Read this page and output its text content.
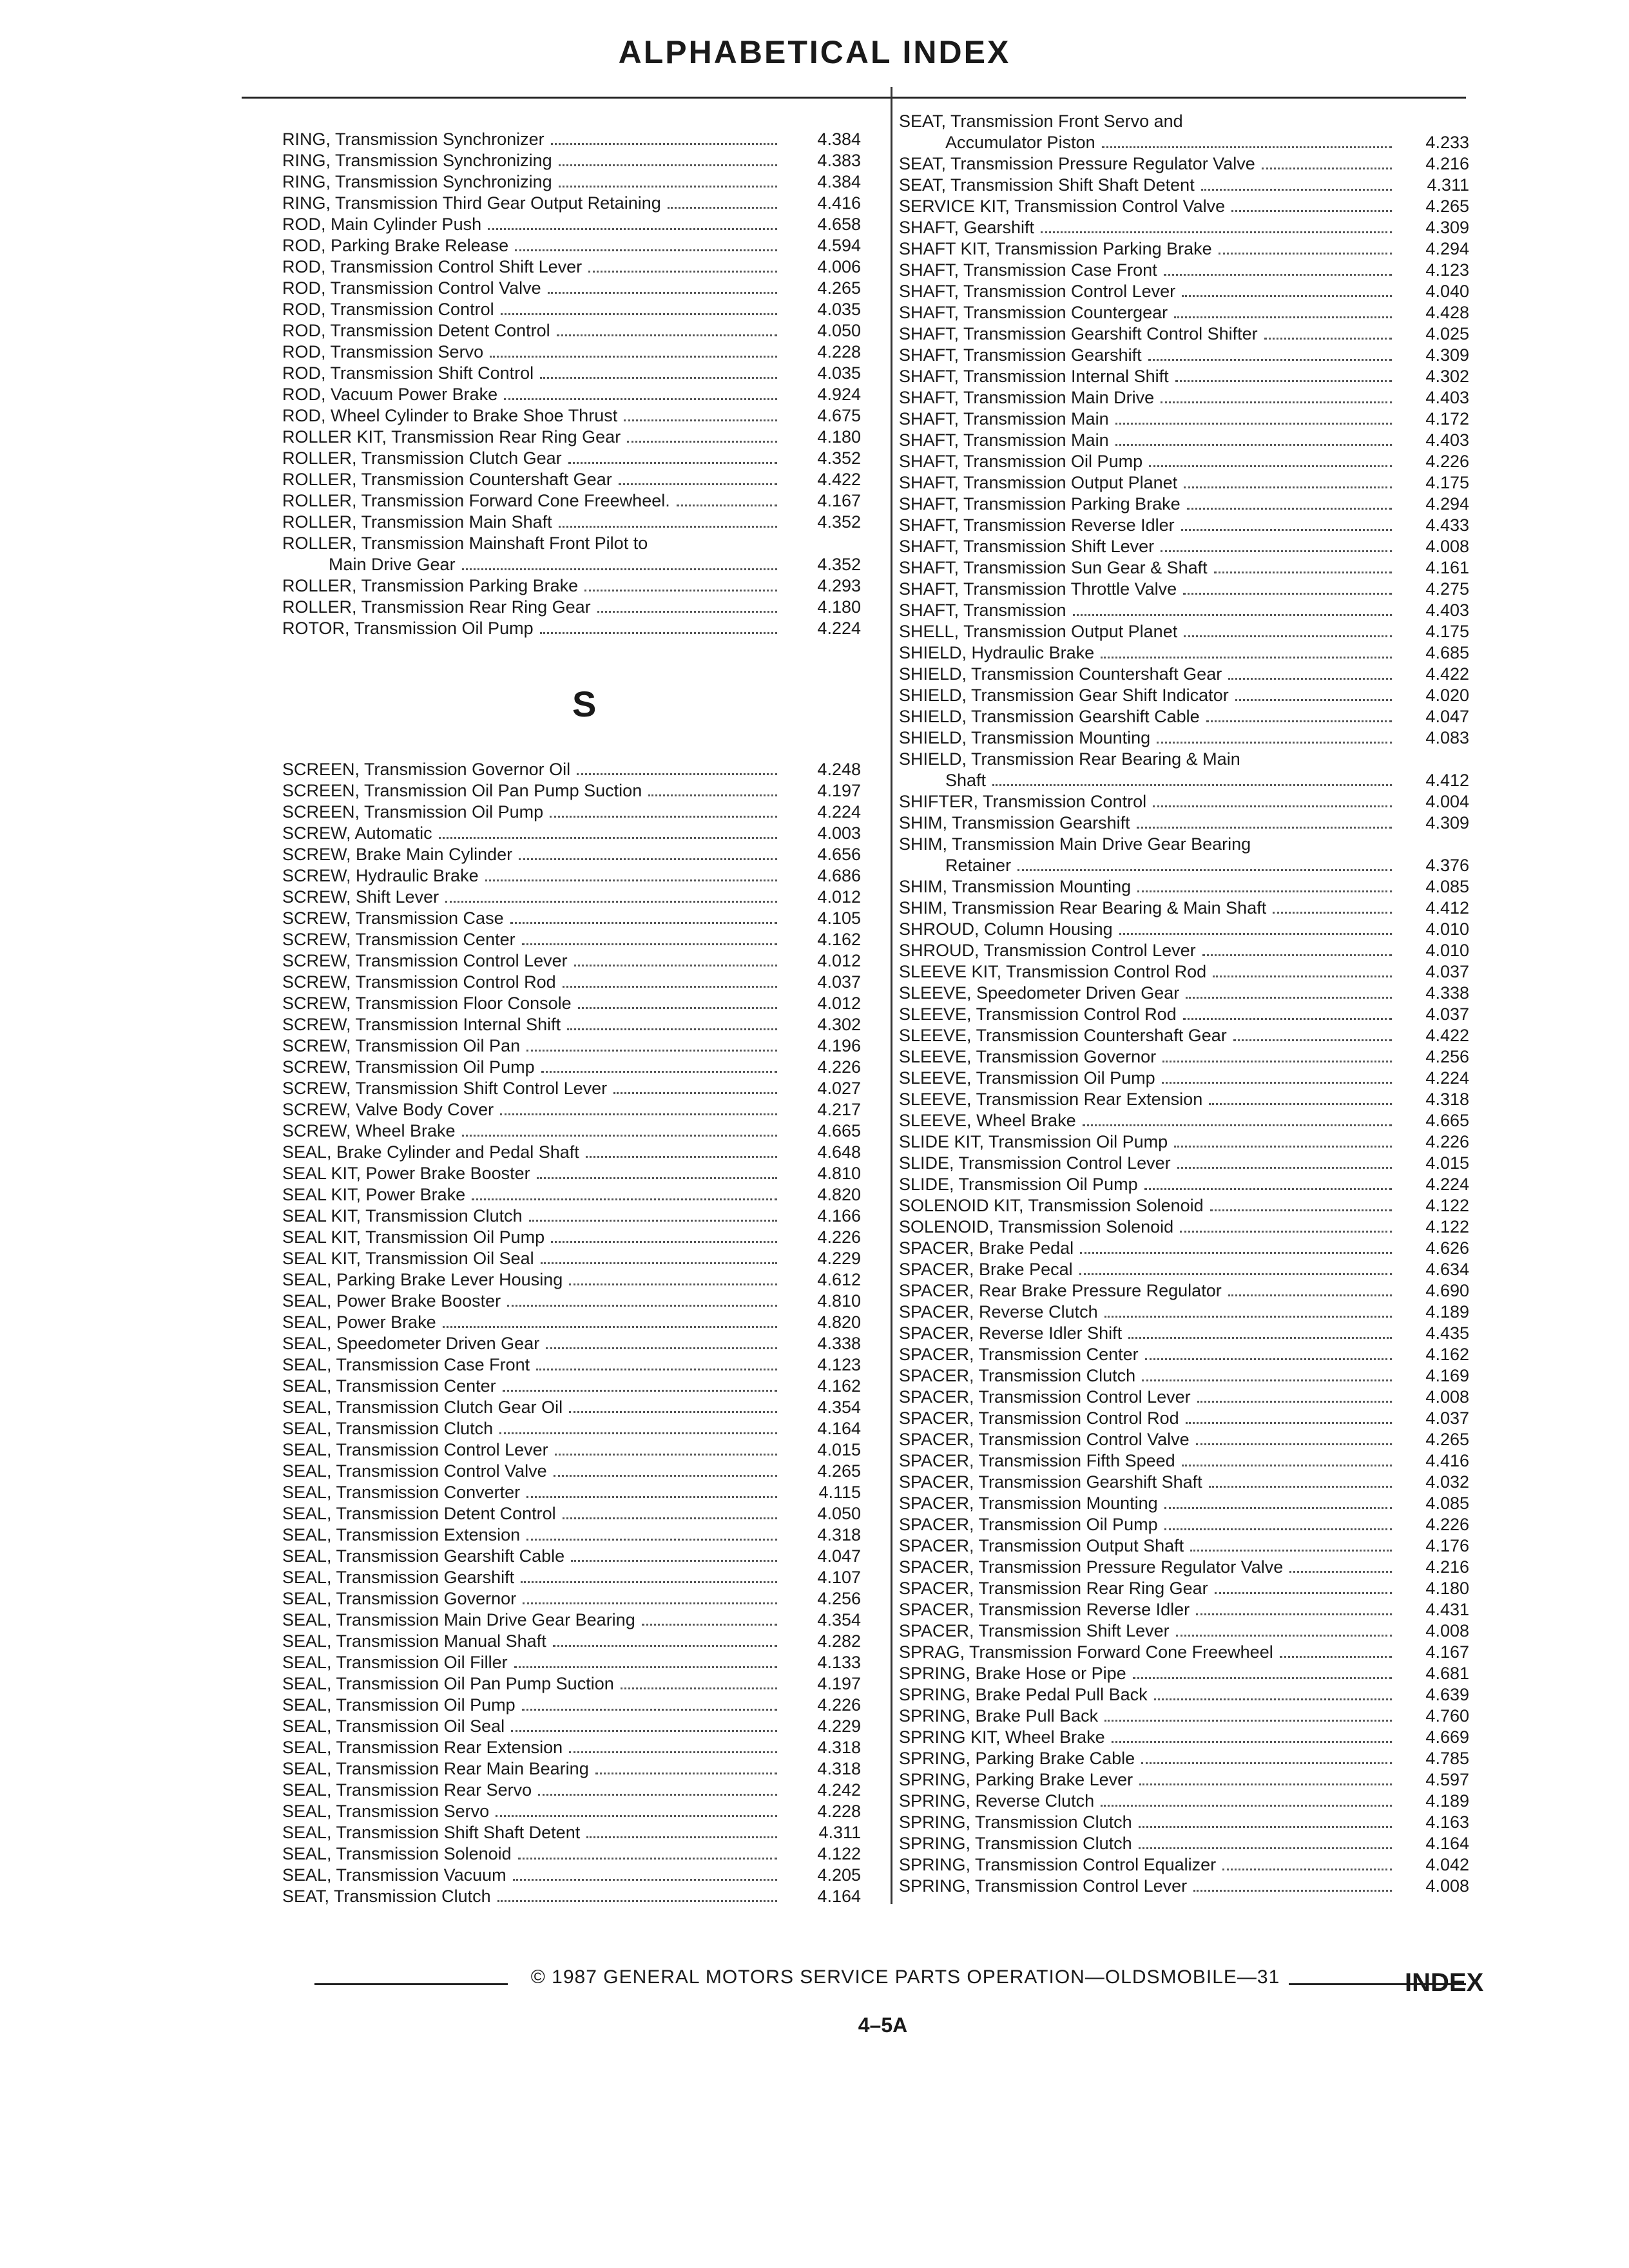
ALPHABETICAL INDEX
RING, Transmission Synchronizer	4.384
RING, Transmission Synchronizing	4.383
RING, Transmission Synchronizing	4.384
RING, Transmission Third Gear Output Retaining	4.416
ROD, Main Cylinder Push	4.658
ROD, Parking Brake Release	4.594
ROD, Transmission Control Shift Lever	4.006
ROD, Transmission Control Valve	4.265
ROD, Transmission Control	4.035
ROD, Transmission Detent Control	4.050
ROD, Transmission Servo	4.228
ROD, Transmission Shift Control	4.035
ROD, Vacuum Power Brake	4.924
ROD, Wheel Cylinder to Brake Shoe Thrust	4.675
ROLLER KIT, Transmission Rear Ring Gear	4.180
ROLLER, Transmission Clutch Gear	4.352
ROLLER, Transmission Countershaft Gear	4.422
ROLLER, Transmission Forward Cone Freewheel.	4.167
ROLLER, Transmission Main Shaft	4.352
ROLLER, Transmission Mainshaft Front Pilot to
Main Drive Gear	4.352
ROLLER, Transmission Parking Brake	4.293
ROLLER, Transmission Rear Ring Gear	4.180
ROTOR, Transmission Oil Pump	4.224
S
SCREEN, Transmission Governor Oil	4.248
SCREEN, Transmission Oil Pan Pump Suction	4.197
SCREEN, Transmission Oil Pump	4.224
SCREW, Automatic	4.003
SCREW, Brake Main Cylinder	4.656
SCREW, Hydraulic Brake	4.686
SCREW, Shift Lever	4.012
SCREW, Transmission Case	4.105
SCREW, Transmission Center	4.162
SCREW, Transmission Control Lever	4.012
SCREW, Transmission Control Rod	4.037
SCREW, Transmission Floor Console	4.012
SCREW, Transmission Internal Shift	4.302
SCREW, Transmission Oil Pan	4.196
SCREW, Transmission Oil Pump	4.226
SCREW, Transmission Shift Control Lever	4.027
SCREW, Valve Body Cover	4.217
SCREW, Wheel Brake	4.665
SEAL, Brake Cylinder and Pedal Shaft	4.648
SEAL KIT, Power Brake Booster	4.810
SEAL KIT, Power Brake	4.820
SEAL KIT, Transmission Clutch	4.166
SEAL KIT, Transmission Oil Pump	4.226
SEAL KIT, Transmission Oil Seal	4.229
SEAL, Parking Brake Lever Housing	4.612
SEAL, Power Brake Booster	4.810
SEAL, Power Brake	4.820
SEAL, Speedometer Driven Gear	4.338
SEAL, Transmission Case Front	4.123
SEAL, Transmission Center	4.162
SEAL, Transmission Clutch Gear Oil	4.354
SEAL, Transmission Clutch	4.164
SEAL, Transmission Control Lever	4.015
SEAL, Transmission Control Valve	4.265
SEAL, Transmission Converter	4.115
SEAL, Transmission Detent Control	4.050
SEAL, Transmission Extension	4.318
SEAL, Transmission Gearshift Cable	4.047
SEAL, Transmission Gearshift	4.107
SEAL, Transmission Governor	4.256
SEAL, Transmission Main Drive Gear Bearing	4.354
SEAL, Transmission Manual Shaft	4.282
SEAL, Transmission Oil Filler	4.133
SEAL, Transmission Oil Pan Pump Suction	4.197
SEAL, Transmission Oil Pump	4.226
SEAL, Transmission Oil Seal	4.229
SEAL, Transmission Rear Extension	4.318
SEAL, Transmission Rear Main Bearing	4.318
SEAL, Transmission Rear Servo	4.242
SEAL, Transmission Servo	4.228
SEAL, Transmission Shift Shaft Detent	4.311
SEAL, Transmission Solenoid	4.122
SEAL, Transmission Vacuum	4.205
SEAT, Transmission Clutch	4.164
SEAT, Transmission Front Servo and
Accumulator Piston	4.233
SEAT, Transmission Pressure Regulator Valve	4.216
SEAT, Transmission Shift Shaft Detent	4.311
SERVICE KIT, Transmission Control Valve	4.265
SHAFT, Gearshift	4.309
SHAFT KIT, Transmission Parking Brake	4.294
SHAFT, Transmission Case Front	4.123
SHAFT, Transmission Control Lever	4.040
SHAFT, Transmission Countergear	4.428
SHAFT, Transmission Gearshift Control Shifter	4.025
SHAFT, Transmission Gearshift	4.309
SHAFT, Transmission Internal Shift	4.302
SHAFT, Transmission Main Drive	4.403
SHAFT, Transmission Main	4.172
SHAFT, Transmission Main	4.403
SHAFT, Transmission Oil Pump	4.226
SHAFT, Transmission Output Planet	4.175
SHAFT, Transmission Parking Brake	4.294
SHAFT, Transmission Reverse Idler	4.433
SHAFT, Transmission Shift Lever	4.008
SHAFT, Transmission Sun Gear & Shaft	4.161
SHAFT, Transmission Throttle Valve	4.275
SHAFT, Transmission	4.403
SHELL, Transmission Output Planet	4.175
SHIELD, Hydraulic Brake	4.685
SHIELD, Transmission Countershaft Gear	4.422
SHIELD, Transmission Gear Shift Indicator	4.020
SHIELD, Transmission Gearshift Cable	4.047
SHIELD, Transmission Mounting	4.083
SHIELD, Transmission Rear Bearing & Main
Shaft	4.412
SHIFTER, Transmission Control	4.004
SHIM, Transmission Gearshift	4.309
SHIM, Transmission Main Drive Gear Bearing
Retainer	4.376
SHIM, Transmission Mounting	4.085
SHIM, Transmission Rear Bearing & Main Shaft	4.412
SHROUD, Column Housing	4.010
SHROUD, Transmission Control Lever	4.010
SLEEVE KIT, Transmission Control Rod	4.037
SLEEVE, Speedometer Driven Gear	4.338
SLEEVE, Transmission Control Rod	4.037
SLEEVE, Transmission Countershaft Gear	4.422
SLEEVE, Transmission Governor	4.256
SLEEVE, Transmission Oil Pump	4.224
SLEEVE, Transmission Rear Extension	4.318
SLEEVE, Wheel Brake	4.665
SLIDE KIT, Transmission Oil Pump	4.226
SLIDE, Transmission Control Lever	4.015
SLIDE, Transmission Oil Pump	4.224
SOLENOID KIT, Transmission Solenoid	4.122
SOLENOID, Transmission Solenoid	4.122
SPACER, Brake Pedal	4.626
SPACER, Brake Pecal	4.634
SPACER, Rear Brake Pressure Regulator	4.690
SPACER, Reverse Clutch	4.189
SPACER, Reverse Idler Shift	4.435
SPACER, Transmission Center	4.162
SPACER, Transmission Clutch	4.169
SPACER, Transmission Control Lever	4.008
SPACER, Transmission Control Rod	4.037
SPACER, Transmission Control Valve	4.265
SPACER, Transmission Fifth Speed	4.416
SPACER, Transmission Gearshift Shaft	4.032
SPACER, Transmission Mounting	4.085
SPACER, Transmission Oil Pump	4.226
SPACER, Transmission Output Shaft	4.176
SPACER, Transmission Pressure Regulator Valve	4.216
SPACER, Transmission Rear Ring Gear	4.180
SPACER, Transmission Reverse Idler	4.431
SPACER, Transmission Shift Lever	4.008
SPRAG, Transmission Forward Cone Freewheel	4.167
SPRING, Brake Hose or Pipe	4.681
SPRING, Brake Pedal Pull Back	4.639
SPRING, Brake Pull Back	4.760
SPRING KIT, Wheel Brake	4.669
SPRING, Parking Brake Cable	4.785
SPRING, Parking Brake Lever	4.597
SPRING, Reverse Clutch	4.189
SPRING, Transmission Clutch	4.163
SPRING, Transmission Clutch	4.164
SPRING, Transmission Control Equalizer	4.042
SPRING, Transmission Control Lever	4.008
© 1987 GENERAL MOTORS SERVICE PARTS OPERATION—OLDSMOBILE—31	INDEX
4–5A
